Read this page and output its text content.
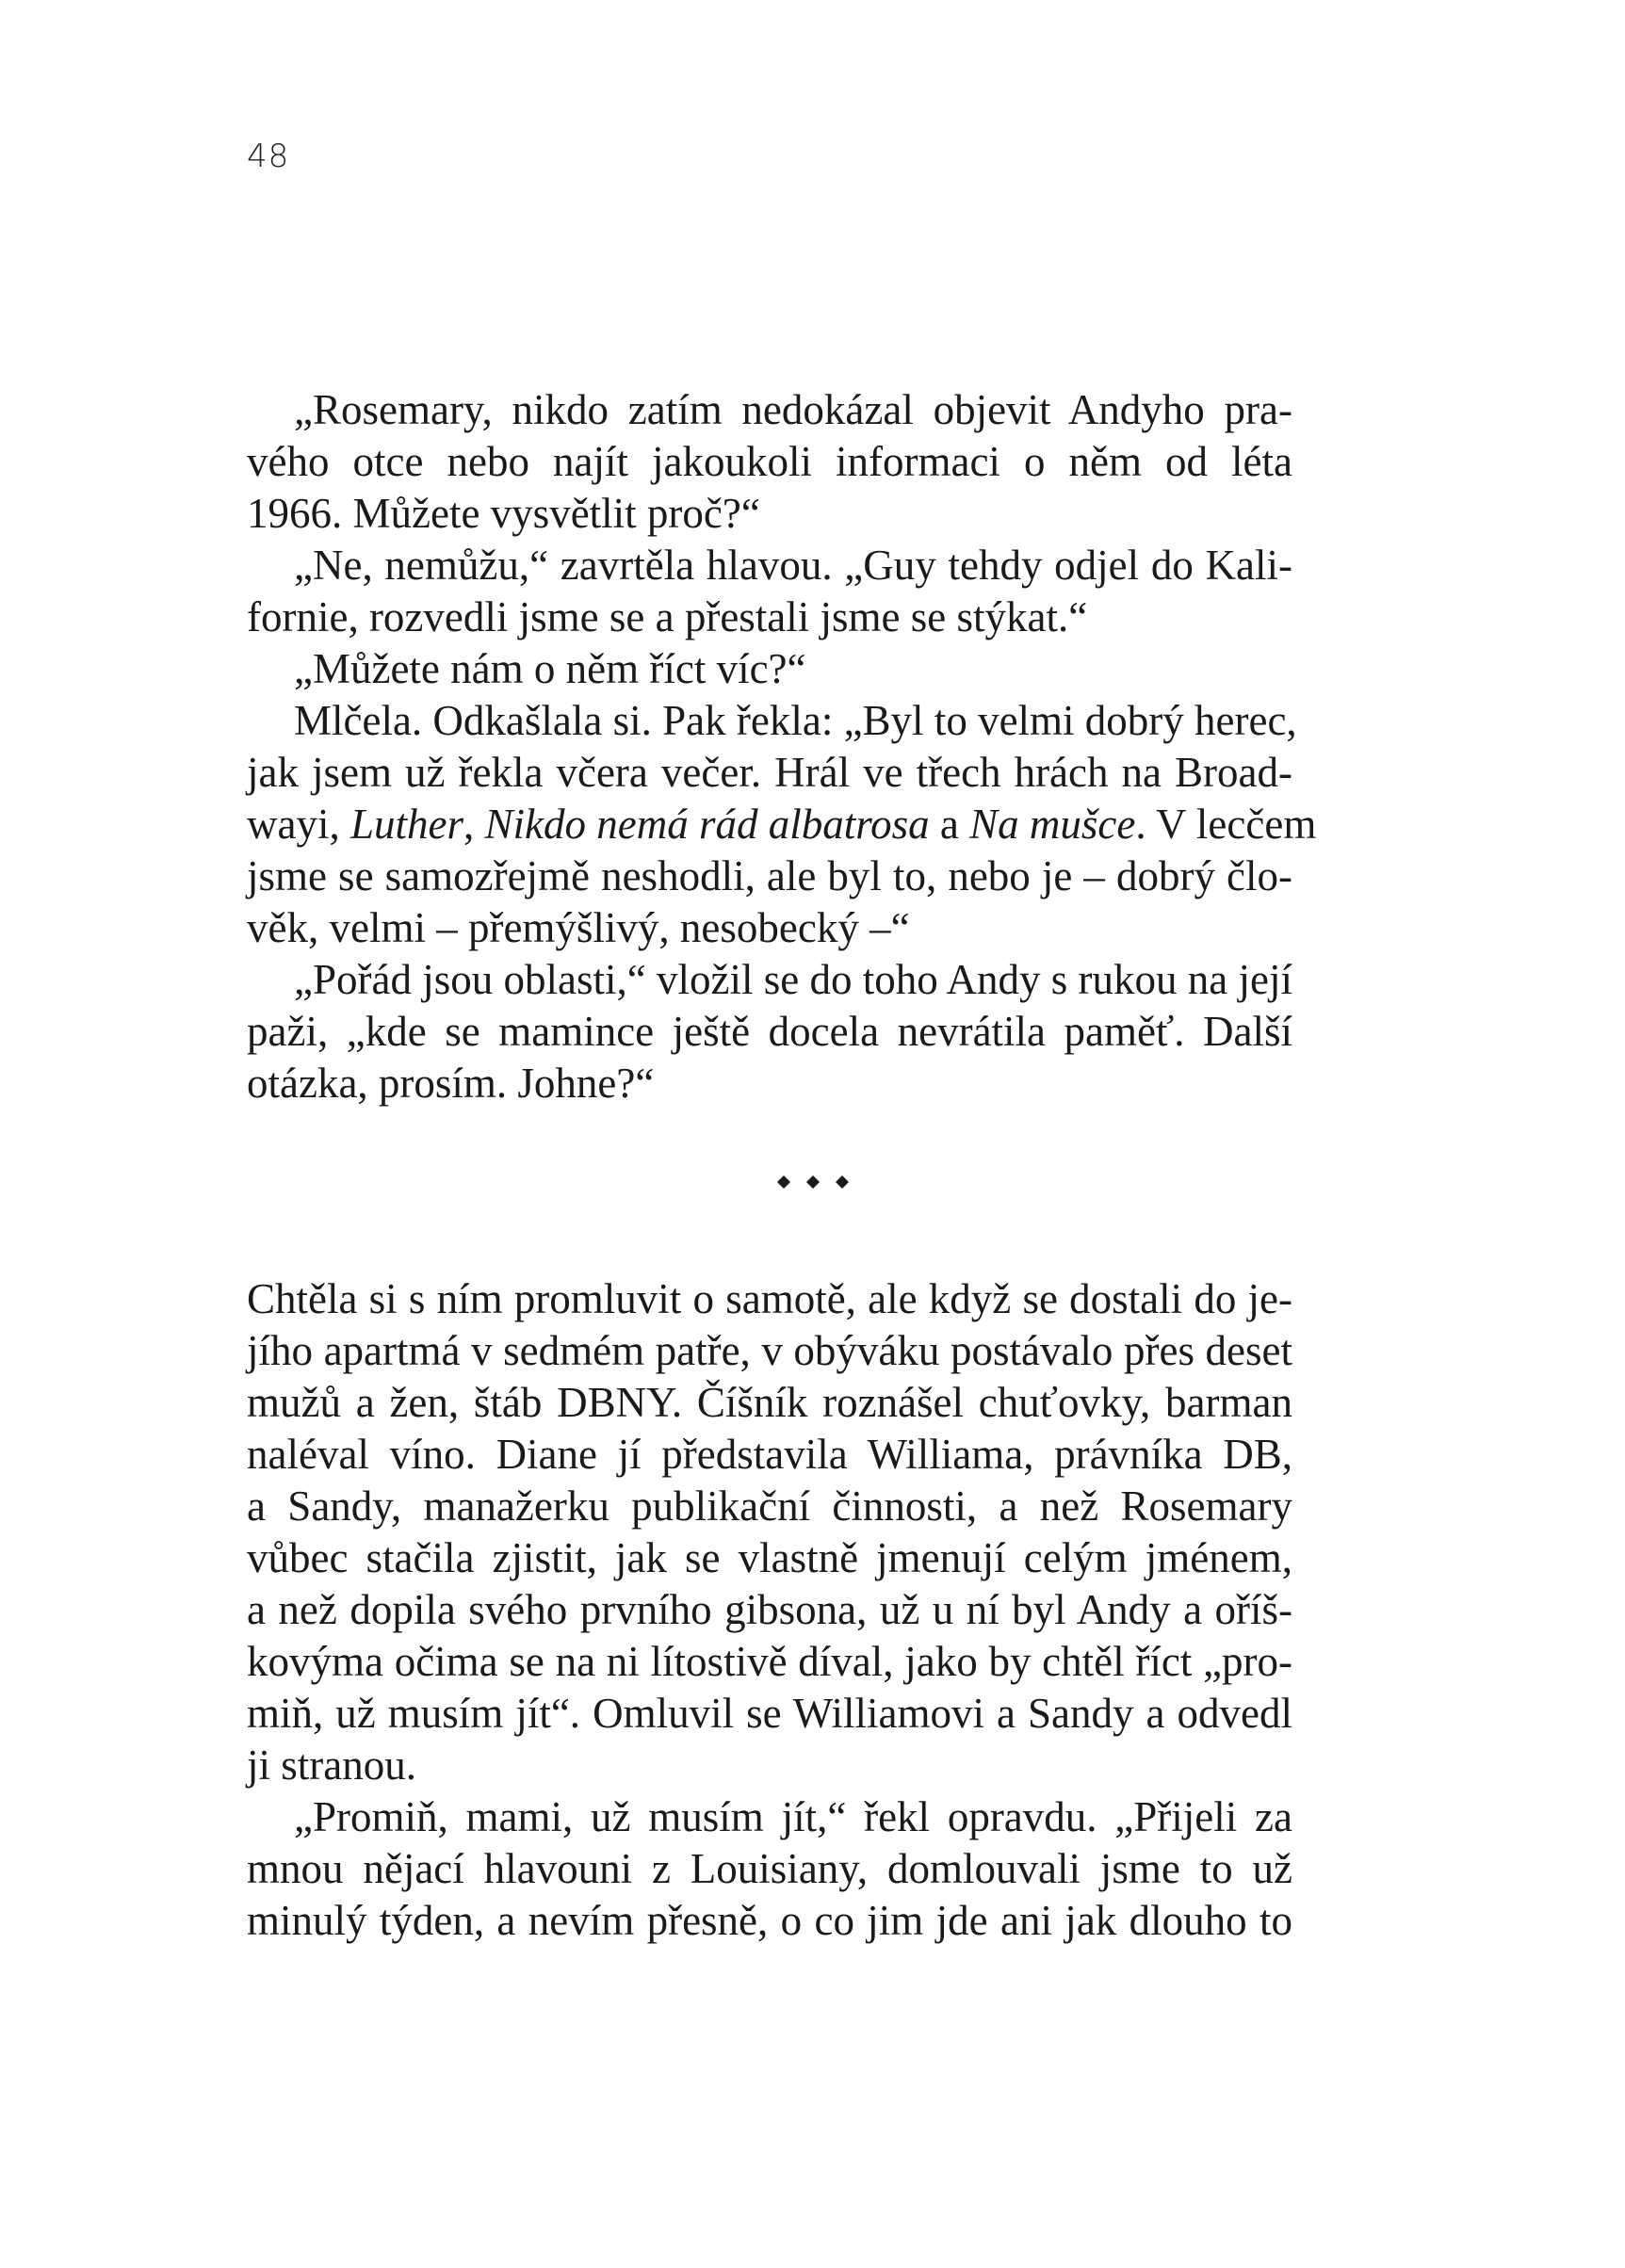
48
„Rosemary, nikdo zatím nedokázal objevit Andyho pra-
vého otce nebo najít jakoukoli informaci o něm od léta
1966. Můžete vysvětlit proč?“
„Ne, nemůžu,“ zavrtěla hlavou. „Guy tehdy odjel do Kali-
fornie, rozvedli jsme se a přestali jsme se stýkat.“
„Můžete nám o něm říct víc?“
Mlčela. Odkašlala si. Pak řekla: „Byl to velmi dobrý herec,
jak jsem už řekla včera večer. Hrál ve třech hrách na Broad-
wayi, Luther, Nikdo nemá rád albatrosa a Na mušce. V lecčem
jsme se samozřejmě neshodli, ale byl to, nebo je – dobrý člo-
věk, velmi – přemýšlivý, nesobecký –“
„Pořád jsou oblasti,“ vložil se do toho Andy s rukou na její
paži, „kde se mamince ještě docela nevrátila paměť. Další
otázka, prosím. Johne?“
Chtěla si s ním promluvit o samotě, ale když se dostali do je-
jího apartmá v sedmém patře, v obýváku postávalo přes deset
mužů a žen, štáb DBNY. Číšník roznášel chuťovky, barman
naléval víno. Diane jí představila Williama, právníka DB,
a Sandy, manažerku publikační činnosti, a než Rosemary
vůbec stačila zjistit, jak se vlastně jmenují celým jménem,
a než dopila svého prvního gibsona, už u ní byl Andy a oříš-
kovýma očima se na ni lítostivě díval, jako by chtěl říct „pro-
miň, už musím jít“. Omluvil se Williamovi a Sandy a odvedl
ji stranou.
„Promiň, mami, už musím jít,“ řekl opravdu. „Přijeli za
mnou nějací hlavouni z Louisiany, domlouvali jsme to už
minulý týden, a nevím přesně, o co jim jde ani jak dlouho to
